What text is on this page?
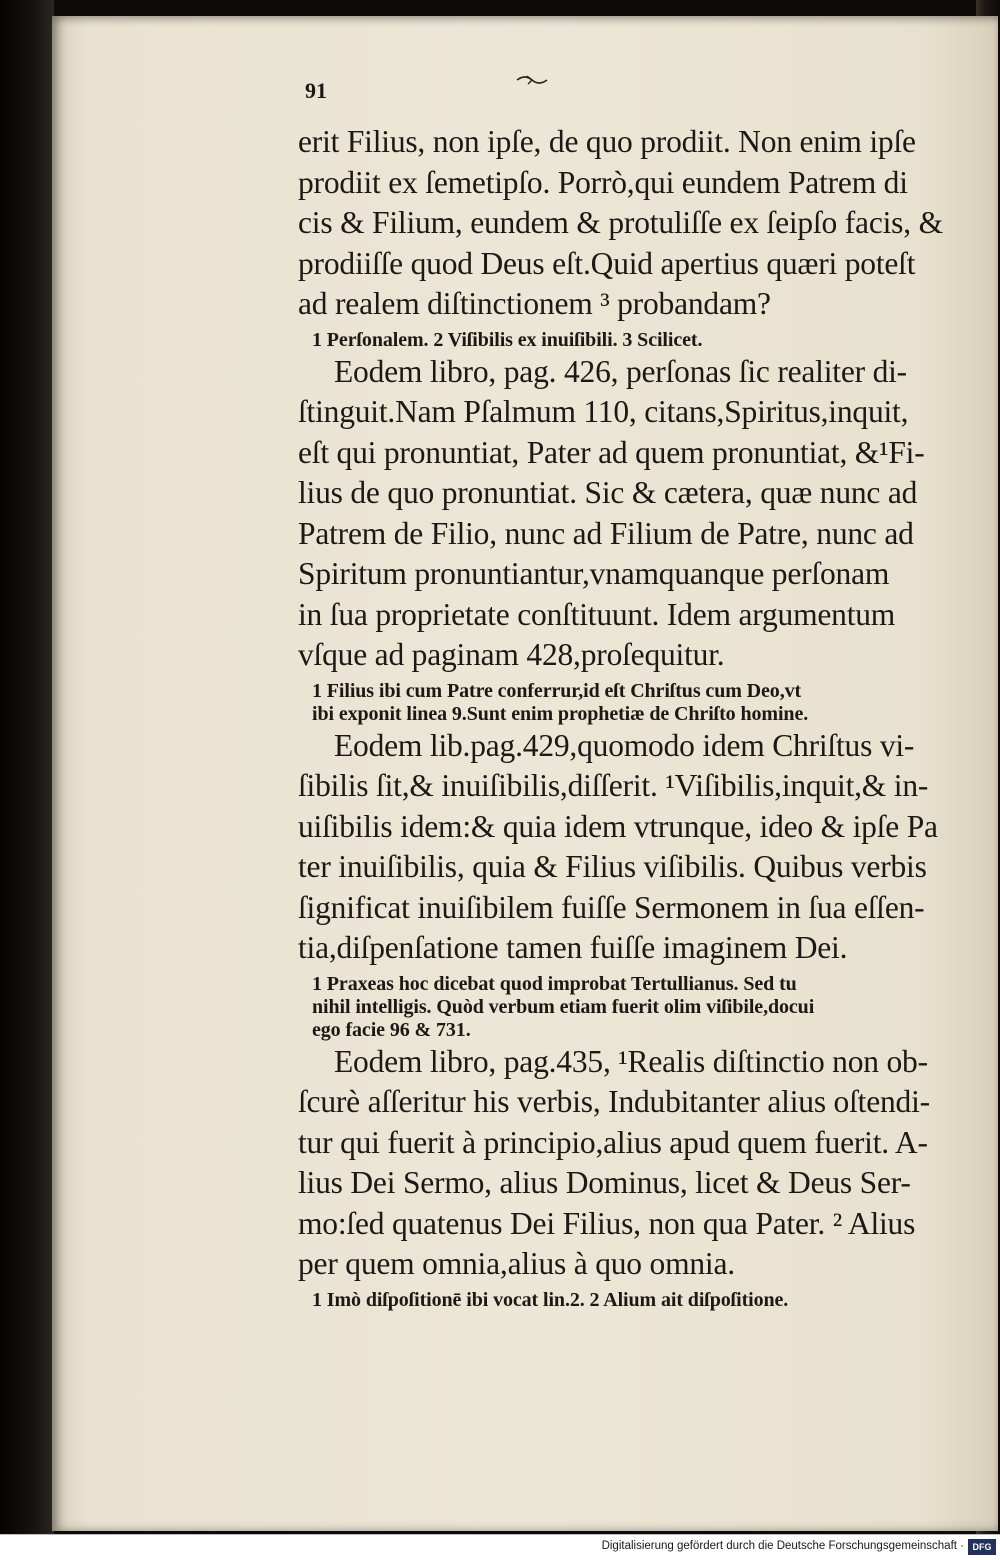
91
erit Filius, non ipſe, de quo prodiit. Non enim ipſe
prodiit ex ſemetipſo. Porrò,qui eundem Patrem di
cis & Filium, eundem & protuliſſe ex ſeipſo facis, &
prodiiſſe quod Deus eſt.Quid apertius quæri poteſt
ad realem diſtinctionem ³ probandam?
1 Perſonalem. 2 Viſibilis ex inuiſibili. 3 Scilicet.
Eodem libro, pag. 426, perſonas ſic realiter di-
ſtinguit.Nam Pſalmum 110, citans,Spiritus,inquit,
eſt qui pronuntiat, Pater ad quem pronuntiat, &¹Fi-
lius de quo pronuntiat. Sic & cætera, quæ nunc ad
Patrem de Filio, nunc ad Filium de Patre, nunc ad
Spiritum pronuntiantur,vnamquanque perſonam
in ſua proprietate conſtituunt. Idem argumentum
vſque ad paginam 428,proſequitur.
1 Filius ibi cum Patre conferrur,id eſt Chriſtus cum Deo,vt
ibi exponit linea 9.Sunt enim prophetiæ de Chriſto homine.
Eodem lib.pag.429,quomodo idem Chriſtus vi-
ſibilis ſit,& inuiſibilis,diſſerit. ¹Viſibilis,inquit,& in-
uiſibilis idem:& quia idem vtrunque, ideo & ipſe Pa
ter inuiſibilis, quia & Filius viſibilis. Quibus verbis
ſignificat inuiſibilem fuiſſe Sermonem in ſua eſſen-
tia,diſpenſatione tamen fuiſſe imaginem Dei.
1 Praxeas hoc dicebat quod improbat Tertullianus. Sed tu
nihil intelligis. Quòd verbum etiam fuerit olim viſibile,docui
ego facie 96 & 731.
Eodem libro, pag.435, ¹Realis diſtinctio non ob-
ſcurè aſſeritur his verbis, Indubitanter alius oſtendi-
tur qui fuerit à principio,alius apud quem fuerit. A-
lius Dei Sermo, alius Dominus, licet & Deus Ser-
mo:ſed quatenus Dei Filius, non qua Pater. ² Alius
per quem omnia,alius à quo omnia.
1 Imò diſpoſitionē ibi vocat lin.2. 2 Alium ait diſpoſitione.
Digitalisierung gefördert durch die Deutsche Forschungsgemeinschaft · DFG
